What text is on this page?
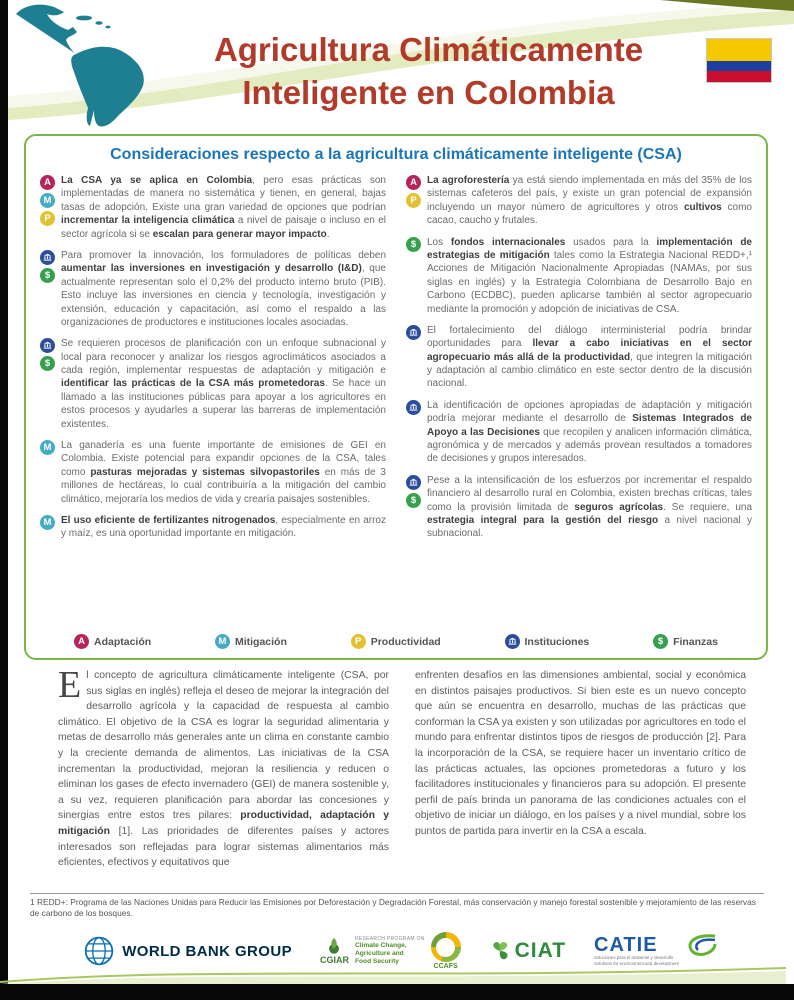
Agricultura Climáticamente
Inteligente en Colombia
Consideraciones respecto a la agricultura climáticamente inteligente (CSA)
A
M
P
La CSA ya se aplica en Colombia, pero esas prácticas son implementadas de manera no sistemática y tienen, en general, bajas tasas de adopción. Existe una gran variedad de opciones que podrían incrementar la inteligencia climática a nivel de paisaje o incluso en el sector agrícola si se escalan para generar mayor impacto.
$
Para promover la innovación, los formuladores de políticas deben aumentar las inversiones en investigación y desarrollo (I&D), que actualmente representan solo el 0,2% del producto interno bruto (PIB). Esto incluye las inversiones en ciencia y tecnología, investigación y extensión, educación y capacitación, así como el respaldo a las organizaciones de productores e instituciones locales asociadas.
$
Se requieren procesos de planificación con un enfoque subnacional y local para reconocer y analizar los riesgos agroclimáticos asociados a cada región, implementar respuestas de adaptación y mitigación e identificar las prácticas de la CSA más prometedoras. Se hace un llamado a las instituciones públicas para apoyar a los agricultores en estos procesos y ayudarles a superar las barreras de implementación existentes.
M La ganadería es una fuente importante de emisiones de GEI en Colombia. Existe potencial para expandir opciones de la CSA, tales como pasturas mejoradas y sistemas silvopastoriles en más de 3 millones de hectáreas, lo cual contribuiría a la mitigación del cambio climático, mejoraría los medios de vida y crearía paisajes sostenibles.
M El uso eficiente de fertilizantes nitrogenados, especialmente en arroz y maíz, es una oportunidad importante en mitigación.
A
P
La agroforestería ya está siendo implementada en más del 35% de los sistemas cafeteros del país, y existe un gran potencial de expansión incluyendo un mayor número de agricultores y otros cultivos como cacao, caucho y frutales.
$	Los fondos internacionales usados para la implementación de estrategias de mitigación tales como la Estrategia Nacional REDD+,¹ Acciones de Mitigación Nacionalmente Apropiadas (NAMAs, por sus siglas en inglés) y la Estrategia Colombiana de Desarrollo Bajo en Carbono (ECDBC), pueden aplicarse también al sector agropecuario mediante la promoción y adopción de iniciativas de CSA.
El fortalecimiento del diálogo interministerial podría brindar oportunidades para llevar a cabo iniciativas en el sector agropecuario más allá de la productividad, que integren la mitigación y adaptación al cambio climático en este sector dentro de la discusión nacional.
La identificación de opciones apropiadas de adaptación y mitigación podría mejorar mediante el desarrollo de Sistemas Integrados de Apoyo a las Decisiones que recopilen y analicen información climática, agronómica y de mercados y además provean resultados a tomadores de decisiones y grupos interesados.
$
Pese a la intensificación de los esfuerzos por incrementar el respaldo financiero al desarrollo rural en Colombia, existen brechas críticas, tales como la provisión limitada de seguros agrícolas. Se requiere, una estrategia integral para la gestión del riesgo a nivel nacional y subnacional.
A Adaptación	M Mitigación	P Productividad	Instituciones	$ Finanzas
El concepto de agricultura climáticamente inteligente (CSA, por sus siglas en inglés) refleja el deseo de mejorar la integración del desarrollo agrícola y la capacidad de respuesta al cambio climático. El objetivo de la CSA es lograr la seguridad alimentaria y metas de desarrollo más generales ante un clima en constante cambio y la creciente demanda de alimentos. Las iniciativas de la CSA incrementan la productividad, mejoran la resiliencia y reducen o eliminan los gases de efecto invernadero (GEI) de manera sostenible y, a su vez, requieren planificación para abordar las concesiones y sinergias entre estos tres pilares: productividad, adaptación y mitigación [1]. Las prioridades de diferentes países y actores interesados son reflejadas para lograr sistemas alimentarios más eficientes, efectivos y equitativos que
enfrenten desafíos en las dimensiones ambiental, social y económica en distintos paisajes productivos. Si bien este es un nuevo concepto que aún se encuentra en desarrollo, muchas de las prácticas que conforman la CSA ya existen y son utilizadas por agricultores en todo el mundo para enfrentar distintos tipos de riesgos de producción [2]. Para la incorporación de la CSA, se requiere hacer un inventario crítico de las prácticas actuales, las opciones prometedoras a futuro y los facilitadores institucionales y financieros para su adopción. El presente perfil de país brinda un panorama de las condiciones actuales con el objetivo de iniciar un diálogo, en los países y a nivel mundial, sobre los puntos de partida para invertir en la CSA a escala.
1 REDD+: Programa de las Naciones Unidas para Reducir las Emisiones por Deforestación y Degradación Forestal, más conservación y manejo forestal sostenible y mejoramiento de las reservas de carbono de los bosques.
WORLD BANK GROUP
CGIAR
RESEARCH PROGRAM ON
Climate Change,
Agriculture and
Food Security
CCAFS
CIAT CATIE
Soluciones para el ambiente y desarrollo
Solutions for environment and development
